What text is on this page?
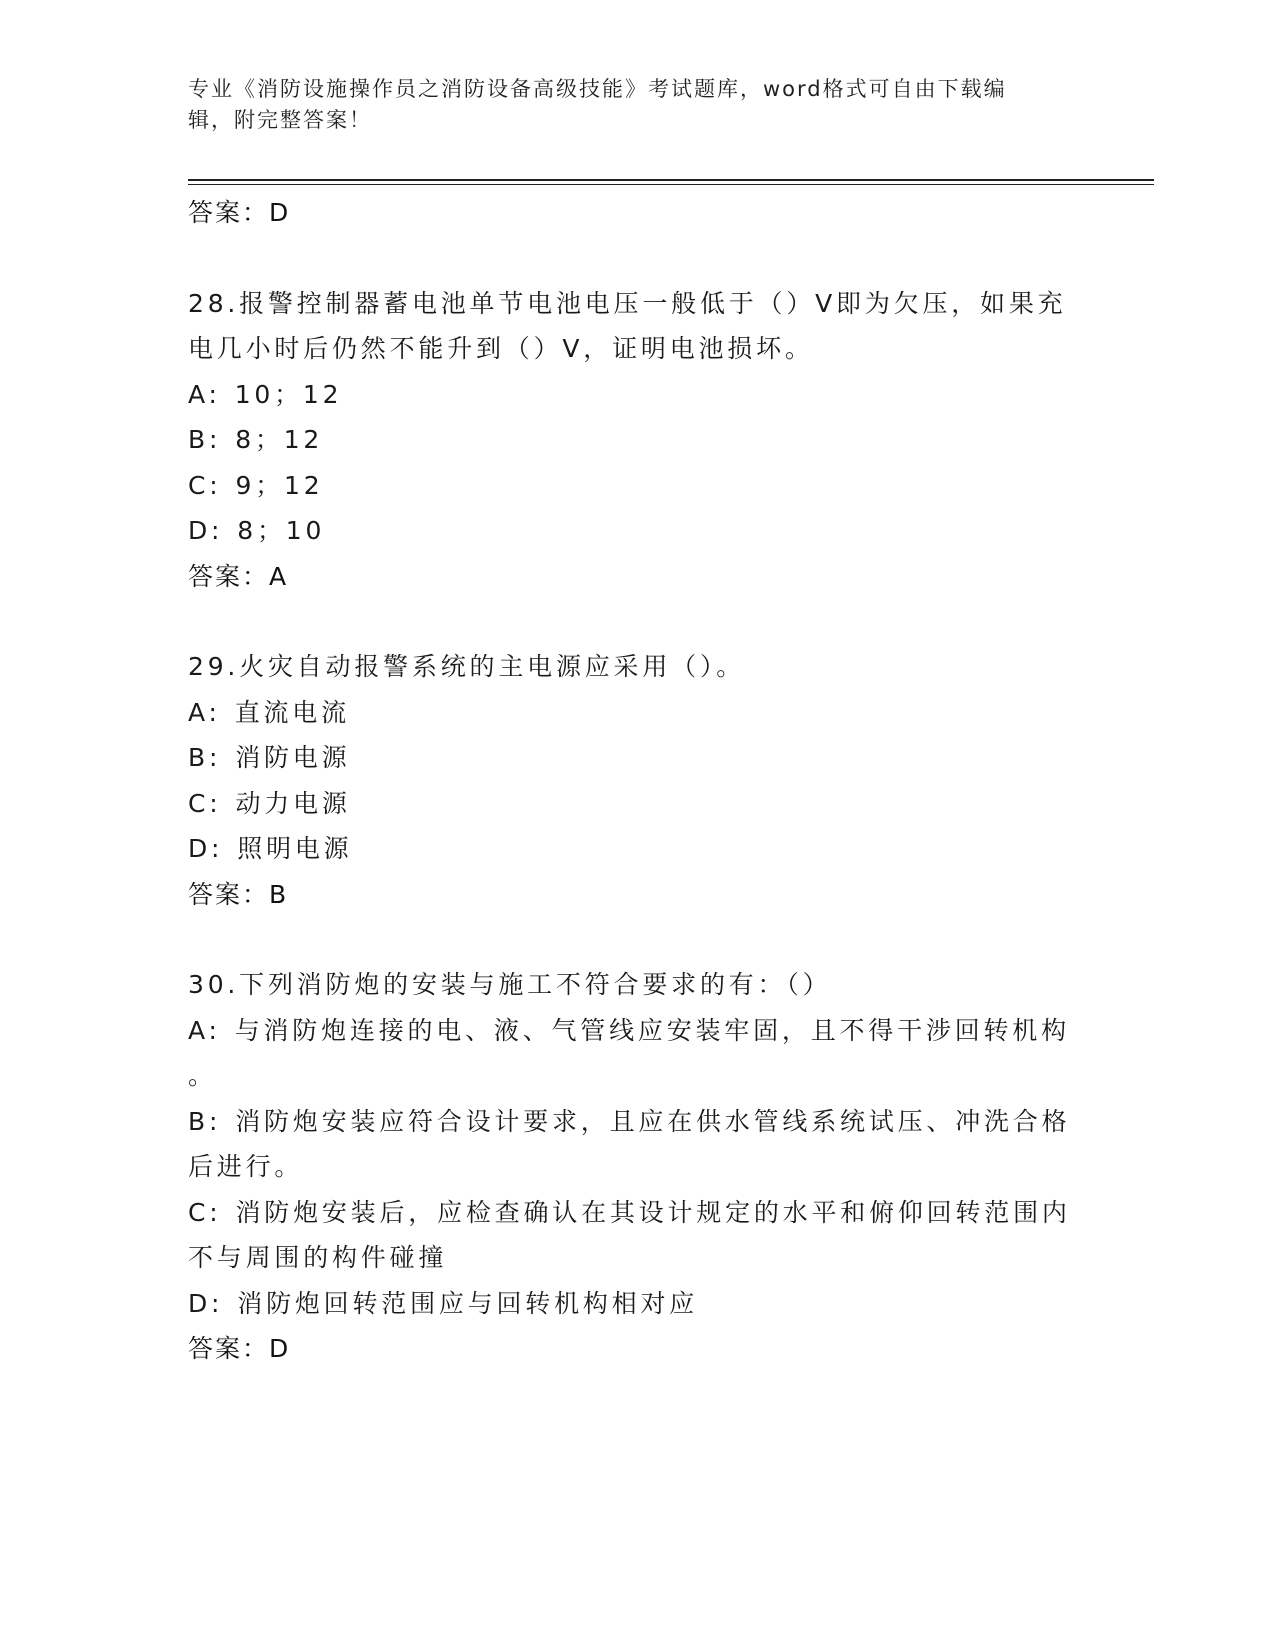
专业《消防设施操作员之消防设备高级技能》考试题库，word格式可自由下载编
辑，附完整答案！
答案：D
28.报警控制器蓄电池单节电池电压一般低于（）V即为欠压，如果充
电几小时后仍然不能升到（）V，证明电池损坏。
A: 10；12
B: 8；12
C: 9；12
D: 8；10
答案：A
29.火灾自动报警系统的主电源应采用（）。
A: 直流电流
B: 消防电源
C: 动力电源
D: 照明电源
答案：B
30.下列消防炮的安装与施工不符合要求的有：（）
A: 与消防炮连接的电、液、气管线应安装牢固，且不得干涉回转机构
。
B: 消防炮安装应符合设计要求，且应在供水管线系统试压、冲洗合格
后进行。
C: 消防炮安装后，应检查确认在其设计规定的水平和俯仰回转范围内
不与周围的构件碰撞
D: 消防炮回转范围应与回转机构相对应
答案：D
